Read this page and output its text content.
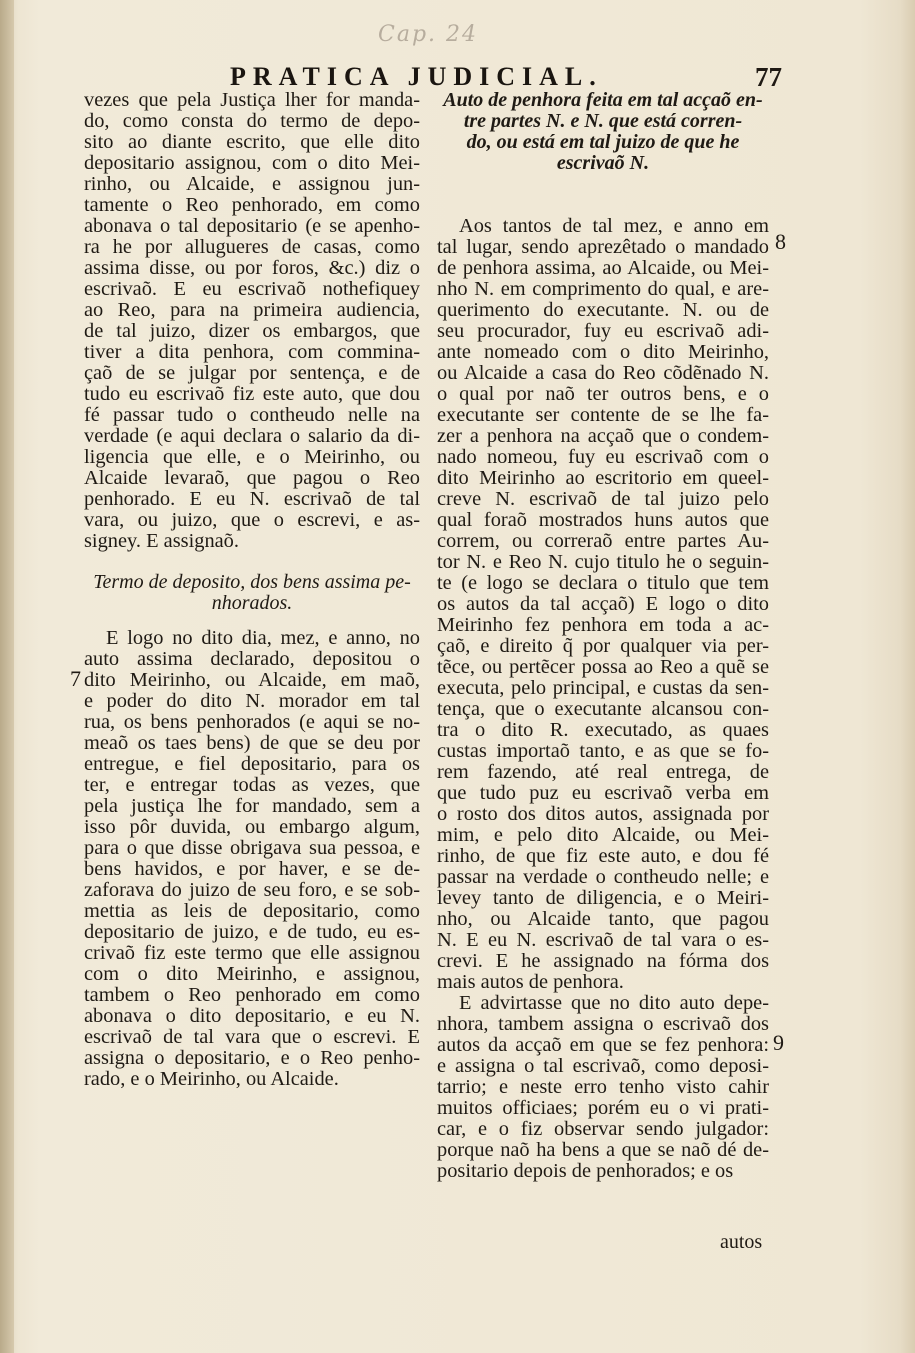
Cap. 24
PRATICA JUDICIAL.	77

vezes que pela Justiça lher for manda-

do, como consta do termo de depo-

sito ao diante escrito, que elle dito

depositario assignou, com o dito Mei-

rinho, ou Alcaide, e assignou jun-

tamente o Reo penhorado, em como

abonava o tal depositario (e se apenho-

ra he por allugueres de casas, como

assima disse, ou por foros, &c.) diz o

escrivaõ. E eu escrivaõ nothefiquey

ao Reo, para na primeira audiencia,

de tal juizo, dizer os embargos, que

tiver a dita penhora, com commina-

çaõ de se julgar por sentença, e de

tudo eu escrivaõ fiz este auto, que dou

fé passar tudo o contheudo nelle na

verdade (e aqui declara o salario da di-

ligencia que elle, e o Meirinho, ou

Alcaide levaraõ, que pagou o Reo

penhorado. E eu N. escrivaõ de tal

vara, ou juizo, que o escrevi, e as-

signey. E assignaõ.

Termo de deposito, dos bens assima pe-

nhorados.

E logo no dito dia, mez, e anno, no

auto assima declarado, depositou o

dito Meirinho, ou Alcaide, em maõ,

e poder do dito N. morador em tal

rua, os bens penhorados (e aqui se no-

meaõ os taes bens) de que se deu por

entregue, e fiel depositario, para os

ter, e entregar todas as vezes, que

pela justiça lhe for mandado, sem a

isso pôr duvida, ou embargo algum,

para o que disse obrigava sua pessoa, e

bens havidos, e por haver, e se de-

zaforava do juizo de seu foro, e se sob-

mettia as leis de depositario, como

depositario de juizo, e de tudo, eu es-

crivaõ fiz este termo que elle assignou

com o dito Meirinho, e assignou,

tambem o Reo penhorado em como

abonava o dito depositario, e eu N.

escrivaõ de tal vara que o escrevi. E

assigna o depositario, e o Reo penho-

rado, e o Meirinho, ou Alcaide.

7

Auto de penhora feita em tal acçaõ en-

tre partes N. e N. que está corren-

do, ou está em tal juizo de que he

escrivaõ N.

Aos tantos de tal mez, e anno em

tal lugar, sendo aprezêtado o mandado

de penhora assima, ao Alcaide, ou Mei-

nho N. em comprimento do qual, e are-

querimento do executante. N. ou de

seu procurador, fuy eu escrivaõ adi-

ante nomeado com o dito Meirinho,

ou Alcaide a casa do Reo cõdẽnado N.

o qual por naõ ter outros bens, e o

executante ser contente de se lhe fa-

zer a penhora na acçaõ que o condem-

nado nomeou, fuy eu escrivaõ com o

dito Meirinho ao escritorio em queel-

creve N. escrivaõ de tal juizo pelo

qual foraõ mostrados huns autos que

correm, ou correraõ entre partes Au-

tor N. e Reo N. cujo titulo he o seguin-

te (e logo se declara o titulo que tem

os autos da tal acçaõ) E logo o dito

Meirinho fez penhora em toda a ac-

çaõ, e direito q̃ por qualquer via per-

tẽce, ou pertẽcer possa ao Reo a quẽ se

executa, pelo principal, e custas da sen-

tença, que o executante alcansou con-

tra o dito R. executado, as quaes

custas importaõ tanto, e as que se fo-

rem fazendo, até real entrega, de

que tudo puz eu escrivaõ verba em

o rosto dos ditos autos, assignada por

mim, e pelo dito Alcaide, ou Mei-

rinho, de que fiz este auto, e dou fé

passar na verdade o contheudo nelle; e

levey tanto de diligencia, e o Meiri-

nho, ou Alcaide tanto, que pagou

N. E eu N. escrivaõ de tal vara o es-

crevi. E he assignado na fórma dos

mais autos de penhora.

E advirtasse que no dito auto depe-

nhora, tambem assigna o escrivaõ dos

autos da acçaõ em que se fez penhora:

e assigna o tal escrivaõ, como deposi-

tarrio; e neste erro tenho visto cahir

muitos officiaes; porém eu o vi prati-

car, e o fiz observar sendo julgador:

porque naõ ha bens a que se naõ dé de-

positario depois de penhorados; e os

8
9
autos
